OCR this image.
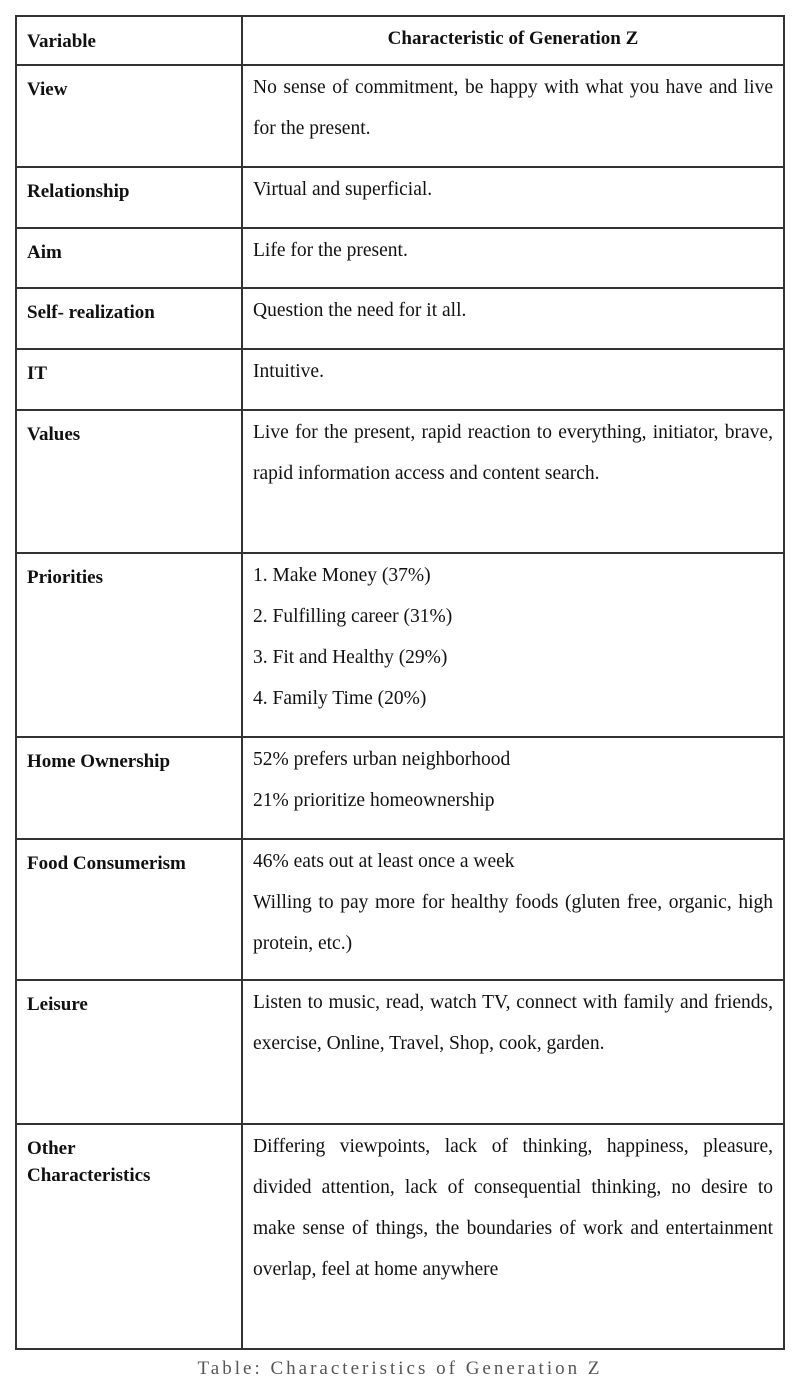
Variable	Characteristic of Generation Z

View	No sense of commitment, be happy with what you have and live for the present.

Relationship	Virtual and superficial.

Aim	Life for the present.

Self- realization	Question the need for it all.

IT	Intuitive.

Values	Live for the present, rapid reaction to everything, initiator, brave, rapid information access and content search.

Priorities	1. Make Money (37%)
2. Fulfilling career (31%)
3. Fit and Healthy (29%)
4. Family Time (20%)

Home Ownership	52% prefers urban neighborhood
21% prioritize homeownership

Food Consumerism	46% eats out at least once a week
Willing to pay more for healthy foods (gluten free, organic, high protein, etc.)

Leisure	Listen to music, read, watch TV, connect with family and friends, exercise, Online, Travel, Shop, cook, garden.

Other Characteristics	Differing viewpoints, lack of thinking, happiness, pleasure, divided attention, lack of consequential thinking, no desire to make sense of things, the boundaries of work and entertainment overlap, feel at home anywhere
Table: Characteristics of Generation Z
